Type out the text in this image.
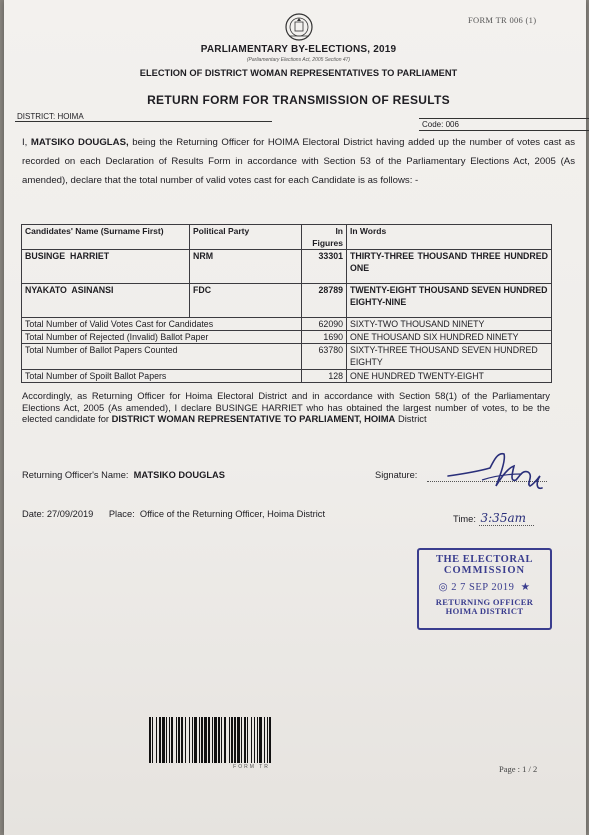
FORM TR 006 (1)
PARLIAMENTARY BY-ELECTIONS, 2019
(Parliamentary Elections Act, 2005 Section 47)
ELECTION OF DISTRICT WOMAN REPRESENTATIVES TO PARLIAMENT
RETURN FORM FOR TRANSMISSION OF RESULTS
DISTRICT: HOIMA
Code: 006
I, MATSIKO DOUGLAS, being the Returning Officer for HOIMA Electoral District having added up the number of votes cast as recorded on each Declaration of Results Form in accordance with Section 53 of the Parliamentary Elections Act, 2005 (As amended), declare that the total number of valid votes cast for each Candidate is as follows: -
Candidates' Name (Surname First)	Political Party	In Figures	In Words
BUSINGE  HARRIET	NRM	33301	THIRTY-THREE THOUSAND THREE HUNDRED ONE
NYAKATO  ASINANSI	FDC	28789	TWENTY-EIGHT THOUSAND SEVEN HUNDRED EIGHTY-NINE
Total Number of Valid Votes Cast for Candidates		62090	SIXTY-TWO THOUSAND NINETY
Total Number of Rejected (Invalid) Ballot Paper		1690	ONE THOUSAND SIX HUNDRED NINETY
Total Number of Ballot Papers Counted		63780	SIXTY-THREE THOUSAND SEVEN HUNDRED EIGHTY
Total Number of Spoilt Ballot Papers		128	ONE HUNDRED TWENTY-EIGHT
Accordingly, as Returning Officer for Hoima Electoral District and in accordance with Section 58(1) of the Parliamentary Elections Act, 2005 (As amended), I declare BUSINGE HARRIET who has obtained the largest number of votes, to be the elected candidate for DISTRICT WOMAN REPRESENTATIVE TO PARLIAMENT, HOIMA District
Returning Officer's Name: MATSIKO DOUGLAS	Signature:
Date: 27/09/2019 Place: Office of the Returning Officer, Hoima District	Time: 3:35am
THE ELECTORAL
COMMISSION
◎ 2 7 SEP 2019 ★
RETURNING OFFICER
HOIMA DISTRICT
FORM TR	Page : 1 / 2
